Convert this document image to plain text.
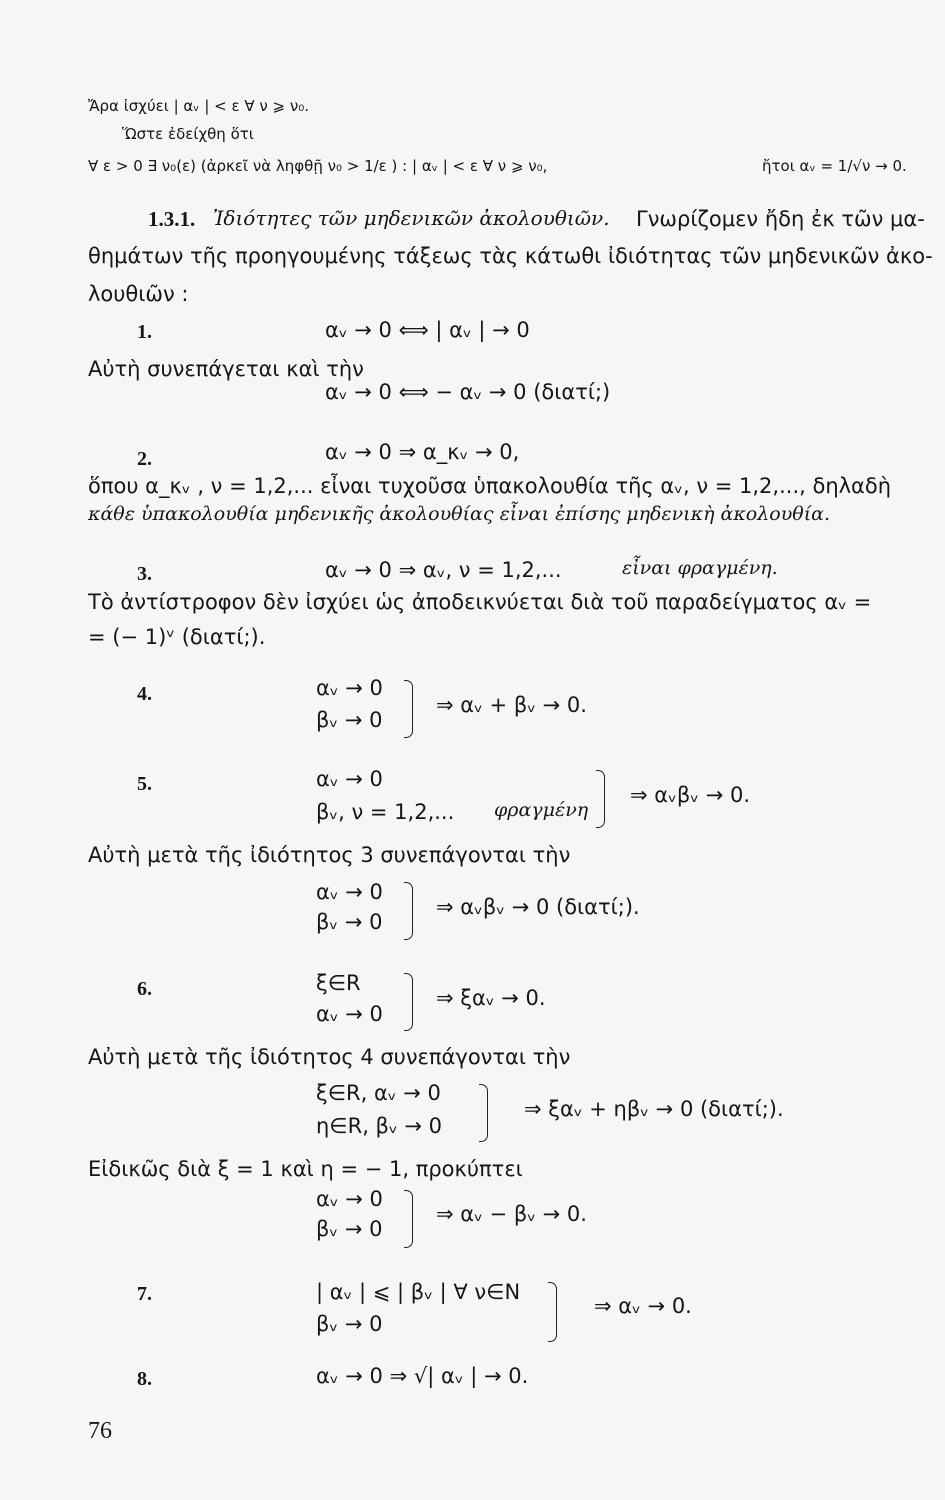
Ἄρα ἰσχύει | αᵥ | < ε ∀ ν ⩾ ν₀.
Ὥστε ἐδείχθη ὅτι
∀ ε > 0 ∃ ν₀(ε) (ἀρκεῖ νὰ ληφθῇ ν₀ > 1/ε ) : | αᵥ | < ε ∀ ν ⩾ ν₀,	ἤτοι αᵥ = 1/√ν → 0.
1.3.1. Ἰδιότητες τῶν μηδενικῶν ἀκολουθιῶν. Γνωρίζομεν ἤδη ἐκ τῶν μα-
θημάτων τῆς προηγουμένης τάξεως τὰς κάτωθι ἰδιότητας τῶν μηδενικῶν ἀκο-
λουθιῶν :
1.	αᵥ → 0 ⟺ | αᵥ | → 0
Αὐτὴ συνεπάγεται καὶ τὴν
αᵥ → 0 ⟺ − αᵥ → 0 (διατί;)
2.	αᵥ → 0 ⇒ α_κᵥ → 0,
ὅπου α_κᵥ , ν = 1,2,... εἶναι τυχοῦσα ὑπακολουθία τῆς αᵥ, ν = 1,2,..., δηλαδὴ
κάθε ὑπακολουθία μηδενικῆς ἀκολουθίας εἶναι ἐπίσης μηδενικὴ ἀκολουθία.
3.	αᵥ → 0 ⇒ αᵥ, ν = 1,2,...	εἶναι φραγμένη.
Τὸ ἀντίστροφον δὲν ἰσχύει ὡς ἀποδεικνύεται διὰ τοῦ παραδείγματος αᵥ =
= (− 1)ᵛ (διατί;).
4.	αᵥ → 0
βᵥ → 0
⇒ αᵥ + βᵥ → 0.
5.	αᵥ → 0
βᵥ, ν = 1,2,... φραγμένη
⇒ αᵥβᵥ → 0.
Αὐτὴ μετὰ τῆς ἰδιότητος 3 συνεπάγονται τὴν
αᵥ → 0
βᵥ → 0
⇒ αᵥβᵥ → 0 (διατί;).
6.	ξ∈R
αᵥ → 0
⇒ ξαᵥ → 0.
Αὐτὴ μετὰ τῆς ἰδιότητος 4 συνεπάγονται τὴν
ξ∈R, αᵥ → 0
η∈R, βᵥ → 0
⇒ ξαᵥ + ηβᵥ → 0 (διατί;).
Εἰδικῶς διὰ ξ = 1 καὶ η = − 1, προκύπτει
αᵥ → 0
βᵥ → 0
⇒ αᵥ − βᵥ → 0.
7.	| αᵥ | ⩽ | βᵥ | ∀ ν∈N
βᵥ → 0
⇒ αᵥ → 0.
8.	αᵥ → 0 ⇒ √| αᵥ | → 0.
76
